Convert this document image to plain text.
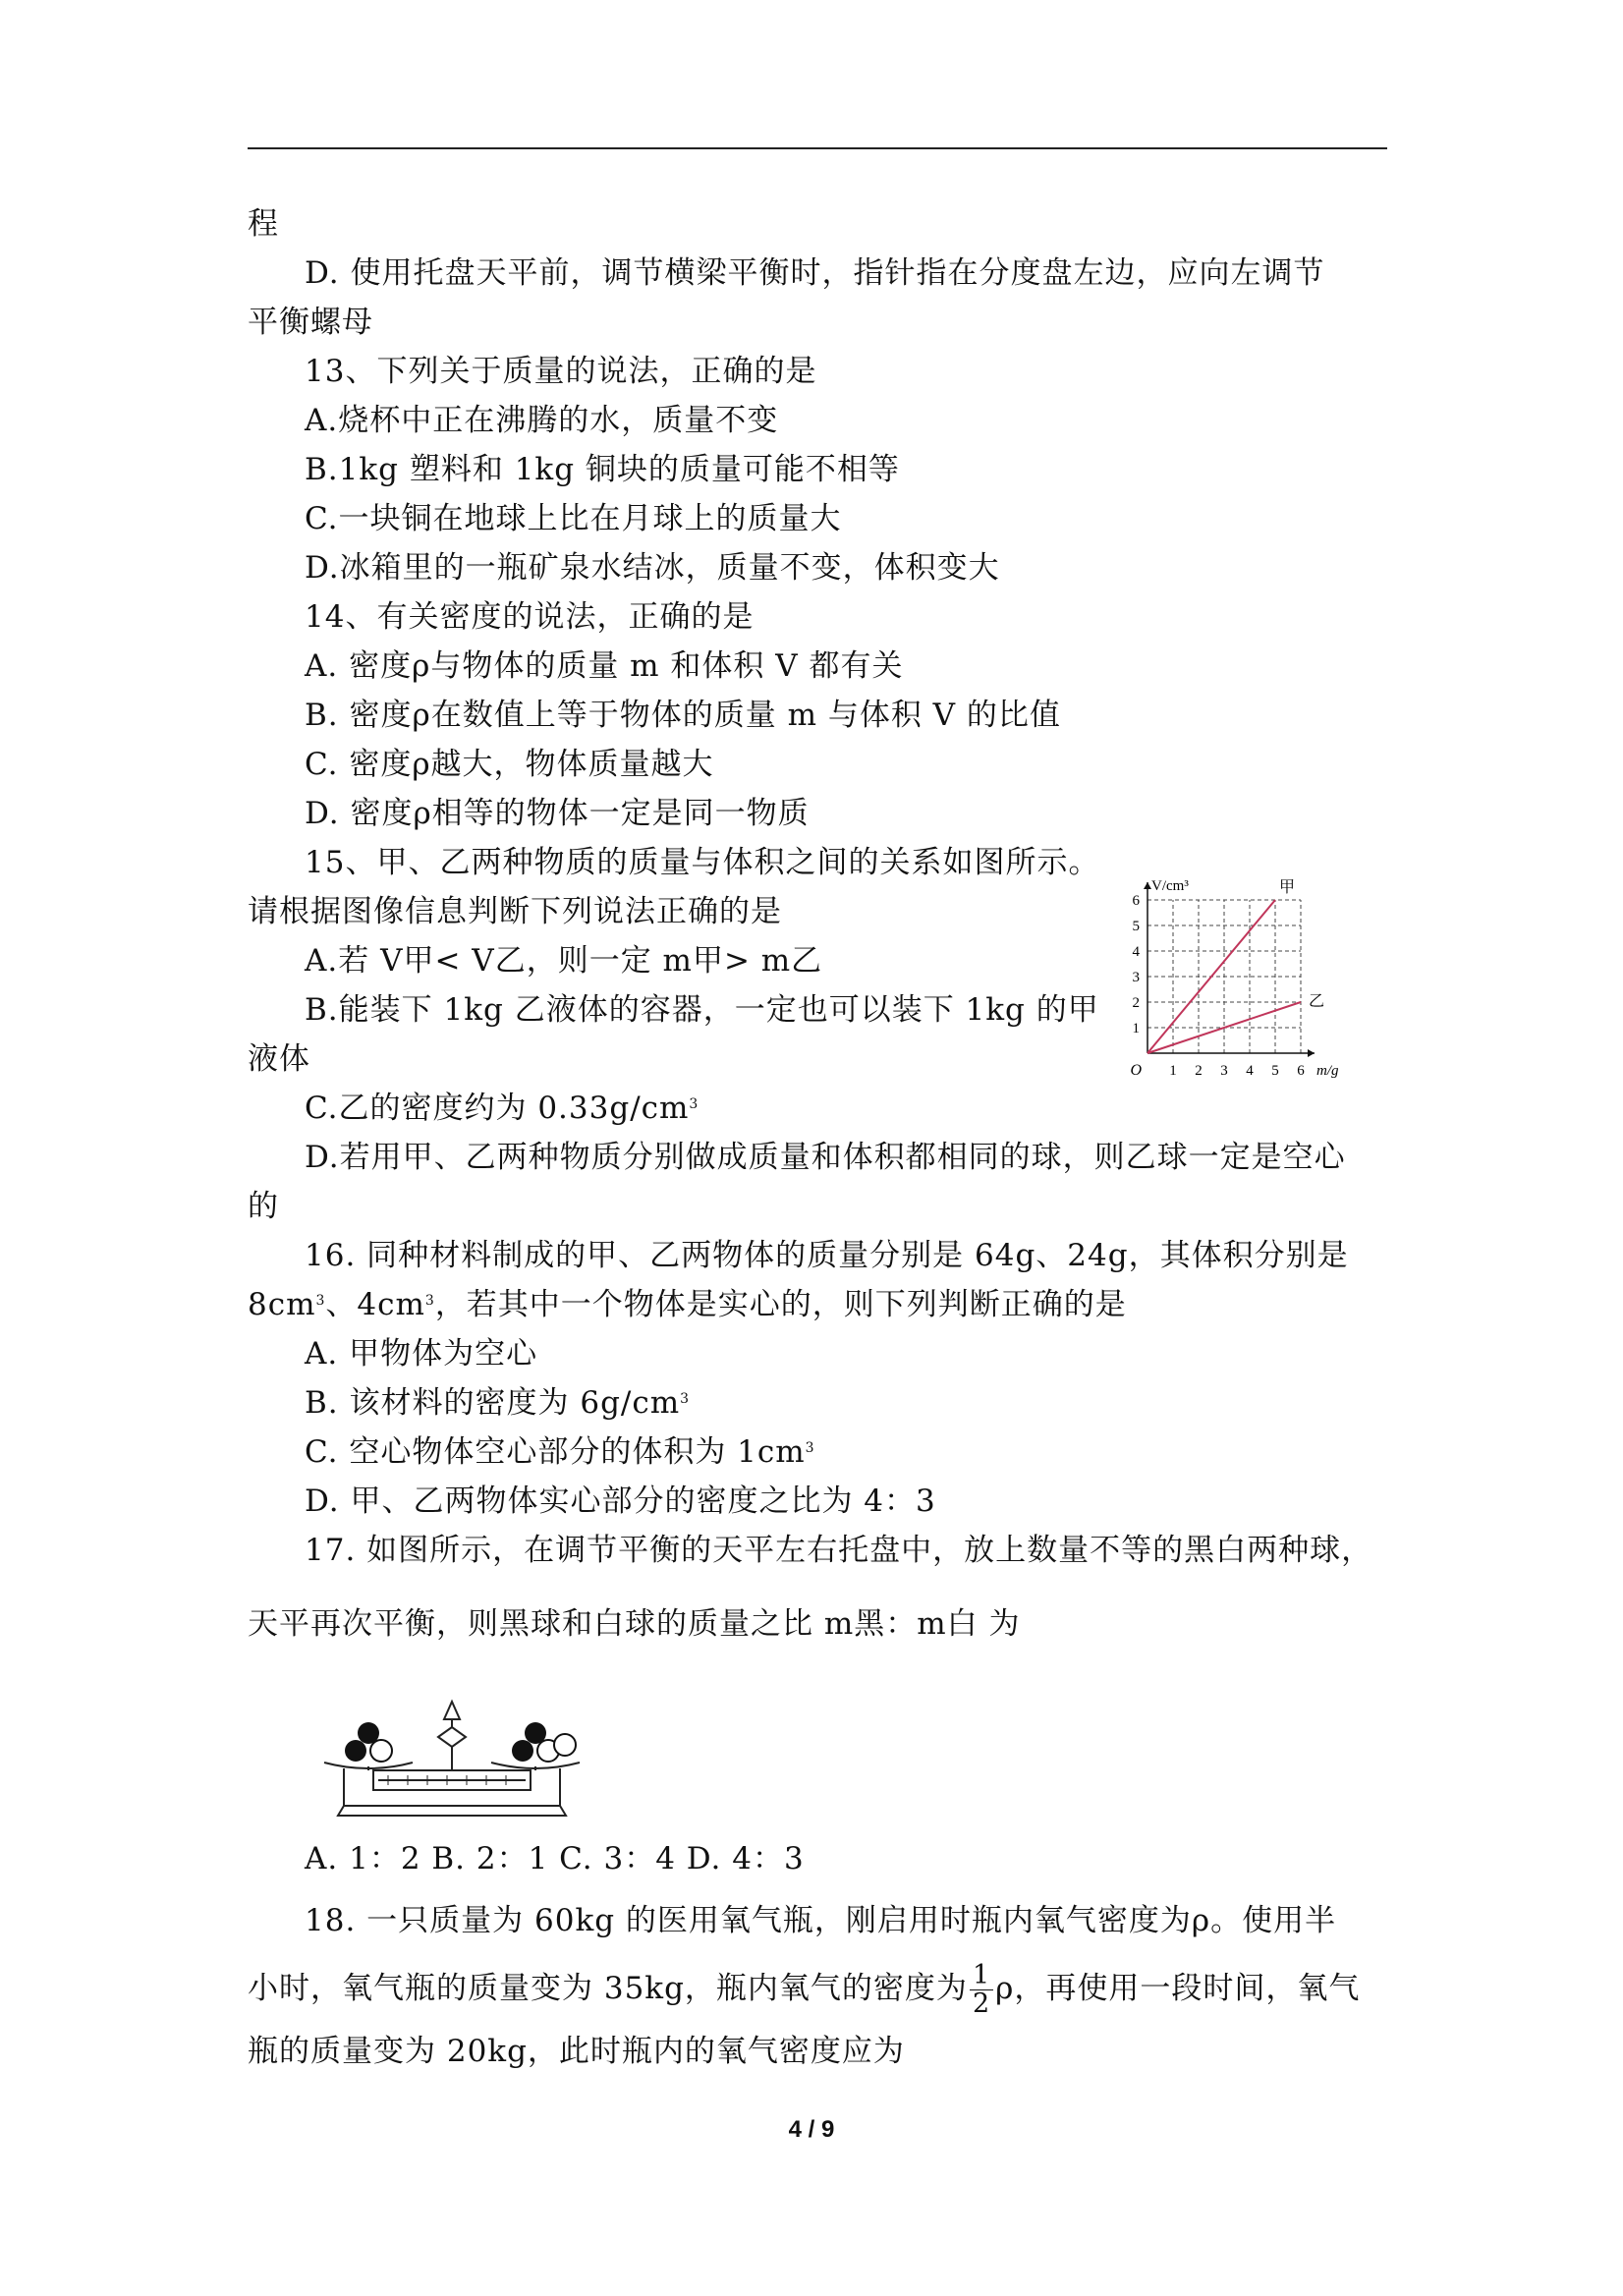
程
D. 使用托盘天平前，调节横梁平衡时，指针指在分度盘左边，应向左调节
平衡螺母
13、下列关于质量的说法，正确的是
A.烧杯中正在沸腾的水，质量不变
B.1kg 塑料和 1kg 铜块的质量可能不相等
C.一块铜在地球上比在月球上的质量大
D.冰箱里的一瓶矿泉水结冰，质量不变，体积变大
14、有关密度的说法，正确的是
A. 密度ρ与物体的质量 m 和体积 V 都有关
B. 密度ρ在数值上等于物体的质量 m 与体积 V 的比值
C. 密度ρ越大，物体质量越大
D. 密度ρ相等的物体一定是同一物质
15、甲、乙两种物质的质量与体积之间的关系如图所示。
请根据图像信息判断下列说法正确的是
A.若 V甲< V乙，则一定 m甲> m乙
B.能装下 1kg 乙液体的容器，一定也可以装下 1kg 的甲
液体
C.乙的密度约为 $0.33g/cm^3$
D.若用甲、乙两种物质分别做成质量和体积都相同的球，则乙球一定是空心
的
16. 同种材料制成的甲、乙两物体的质量分别是 64g、24g，其体积分别是
$8cm^3$、$4cm^3$，若其中一个物体是实心的，则下列判断正确的是
A. 甲物体为空心
B. 该材料的密度为 $6g/cm^3$
C. 空心物体空心部分的体积为 $1cm^3$
D. 甲、乙两物体实心部分的密度之比为 4：3
17. 如图所示，在调节平衡的天平左右托盘中，放上数量不等的黑白两种球，
天平再次平衡，则黑球和白球的质量之比 m黑：m白 为
A. 1：2 B. 2：1 C. 3：4 D. 4：3
18. 一只质量为 60kg 的医用氧气瓶，刚启用时瓶内氧气密度为ρ。使用半
小时，氧气瓶的质量变为 35kg，瓶内氧气的密度为 $\frac{1}{2}$ ρ，再使用一段时间，氧气
瓶的质量变为 20kg，此时瓶内的氧气密度应为
1 2 3 4 5 6
1
2
3
4
5
6
O
V/cm³
m/g
甲
乙
4 / 9
